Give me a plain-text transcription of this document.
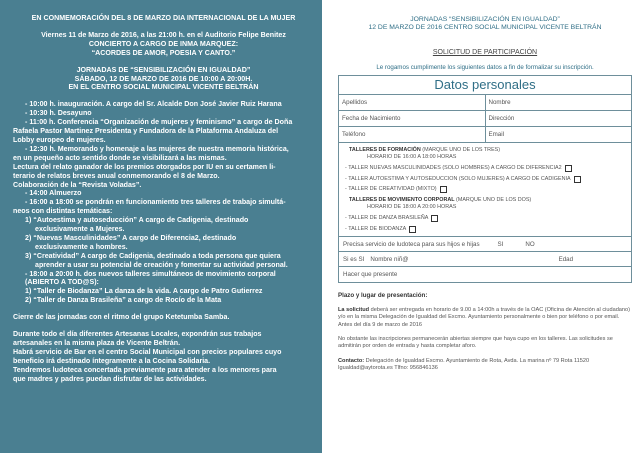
EN CONMEMORACIÓN DEL 8 DE MARZO DIA INTERNACIONAL DE LA MUJER

Viernes 11 de Marzo de 2016, a las 21:00 h. en el Auditorio Felipe Benitez

CONCIERTO A CARGO DE INMA MARQUEZ:

“ACORDES DE AMOR, POESIA Y CANTO.”

JORNADAS DE “SENSIBILIZACIÓN EN IGUALDAD”

SÁBADO, 12 DE MARZO DE 2016 DE 10:00 A 20:00H.

EN EL CENTRO SOCIAL MUNICIPAL VICENTE BELTRÁN

- 10:00 h. inauguración. A cargo del Sr. Alcalde Don José Javier Ruiz Harana

- 10:30 h. Desayuno

- 11:00 h. Conferencia “Organización de mujeres y feminismo” a cargo de Doña

Rafaela Pastor Martinez Presidenta y Fundadora de la Plataforma Andaluza del

Lobby europeo de mujeres.

- 12:30 h. Memorando y homenaje a las mujeres de nuestra memoria histórica,

en un pequeño acto sentido donde se visibilizará a las mismas.

Lectura del relato ganador de los premios otorgados por IU en su certamen li-

terario de relatos breves anual conmemorando el 8 de Marzo.

Colaboración de la “Revista Voladas”.

- 14:00 Almuerzo

- 16:00 a 18:00 se pondrán en funcionamiento tres talleres de trabajo simultá-

neos con distintas temáticas:

1) “Autoestima y autoseducción” A cargo de Cadigenia, destinado

exclusivamente a Mujeres.

2) “Nuevas Masculinidades” A cargo de Diferencia2, destinado

exclusivamente a hombres.

3) “Creatividad” A cargo de Cadigenia, destinado a toda persona que quiera

aprender a usar su potencial de creación y fomentar su actividad personal.

- 18:00 a 20:00 h. dos nuevos talleres simultáneos de movimiento corporal

(ABIERTO A TOD@S):

1) “Taller de Biodanza” La danza de la vida. A cargo de Patro Gutierrez

2) “Taller de Danza Brasileña” a cargo de Rocío de la Mata

Cierre de las jornadas con el ritmo del grupo Ketetumba Samba.

Durante todo el día diferentes Artesanas Locales, expondrán sus trabajos

artesanales en la misma plaza de Vicente Beltrán.

Habrá servicio de Bar en el centro Social Municipal con precios populares cuyo

beneficio irá destinado íntegramente a la Cocina Solidaria.

Tendremos ludoteca concertada previamente para atender a los menores para

que madres y padres puedan disfrutar de las actividades.

JORNADAS “SENSIBILIZACIÓN EN IGUALDAD”
12 DE MARZO DE 2016 CENTRO SOCIAL MUNICIPAL VICENTE BELTRÁN
SOLICITUD DE PARTICIPACIÓN
Le rogamos cumplimente los siguientes datos a fin de formalizar su inscripción.
Datos personales
Apellidos	Nombre
Fecha de Nacimiento	Dirección
Teléfono	Email
TALLERES DE FORMACIÓN (MARQUE UNO DE LOS TRES)
HORARIO DE 16:00 A 18:00 HORAS
- TALLER NUEVAS MASCULINIDADES (SOLO HOMBRES) A CARGO DE DIFERENCIA2
- TALLER AUTOESTIMA Y AUTOSEDUCCION (SOLO MUJERES) A CARGO DE CADIGENIA
- TALLER DE CREATIVIDAD (MIXTO)
TALLERES DE MOVIMIENTO CORPORAL (MARQUE UNO DE LOS DOS)
HORARIO DE 18:00 A 20:00 HORAS
- TALLER DE DANZA BRASILEÑA
- TALLER DE BIODANZA
Precisa servicio de ludoteca para sus hijos e hijas	SI	NO
Si es SI Nombre niñ@	Edad
Hacer que presente
Plazo y lugar de presentación:
La solicitud deberá ser entregada en horario de 9.00 a 14:00h a través de la OAC (Oficina de Atención al ciudadano) y/o en la misma Delegación de Igualdad del Excmo. Ayuntamiento personalmente o bien por teléfono o por email. Antes del día 9 de marzo de 2016
No obstante las inscripciones permanecerán abiertas siempre que haya cupo en los talleres. Las solicitudes se admitirán por orden de entrada y hasta completar aforo.
Contacto: Delegación de Igualdad Excmo. Ayuntamiento de Rota, Avda. La marina nº 79 Rota 11520
Igualdad@aytorota.es Tlfno: 956846136
